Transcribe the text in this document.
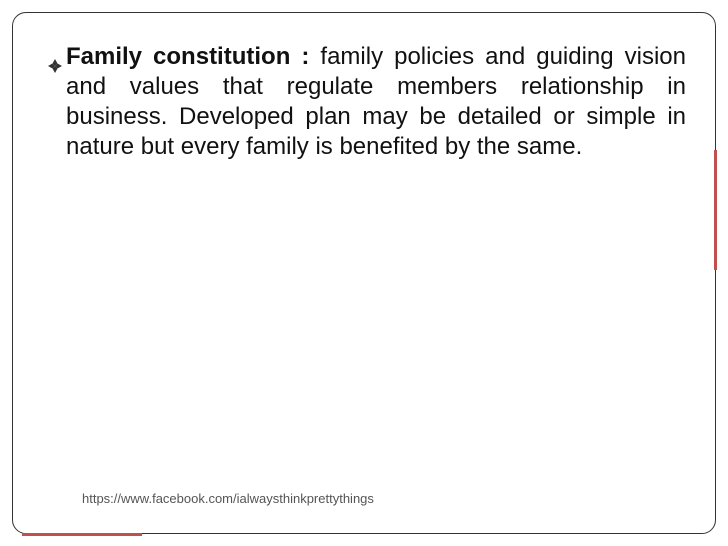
Family constitution : family policies and guiding vision and values that regulate members relationship in business. Developed plan may be detailed or simple in nature but every family is benefited by the same.
https://www.facebook.com/ialwaysthinkprettythings
